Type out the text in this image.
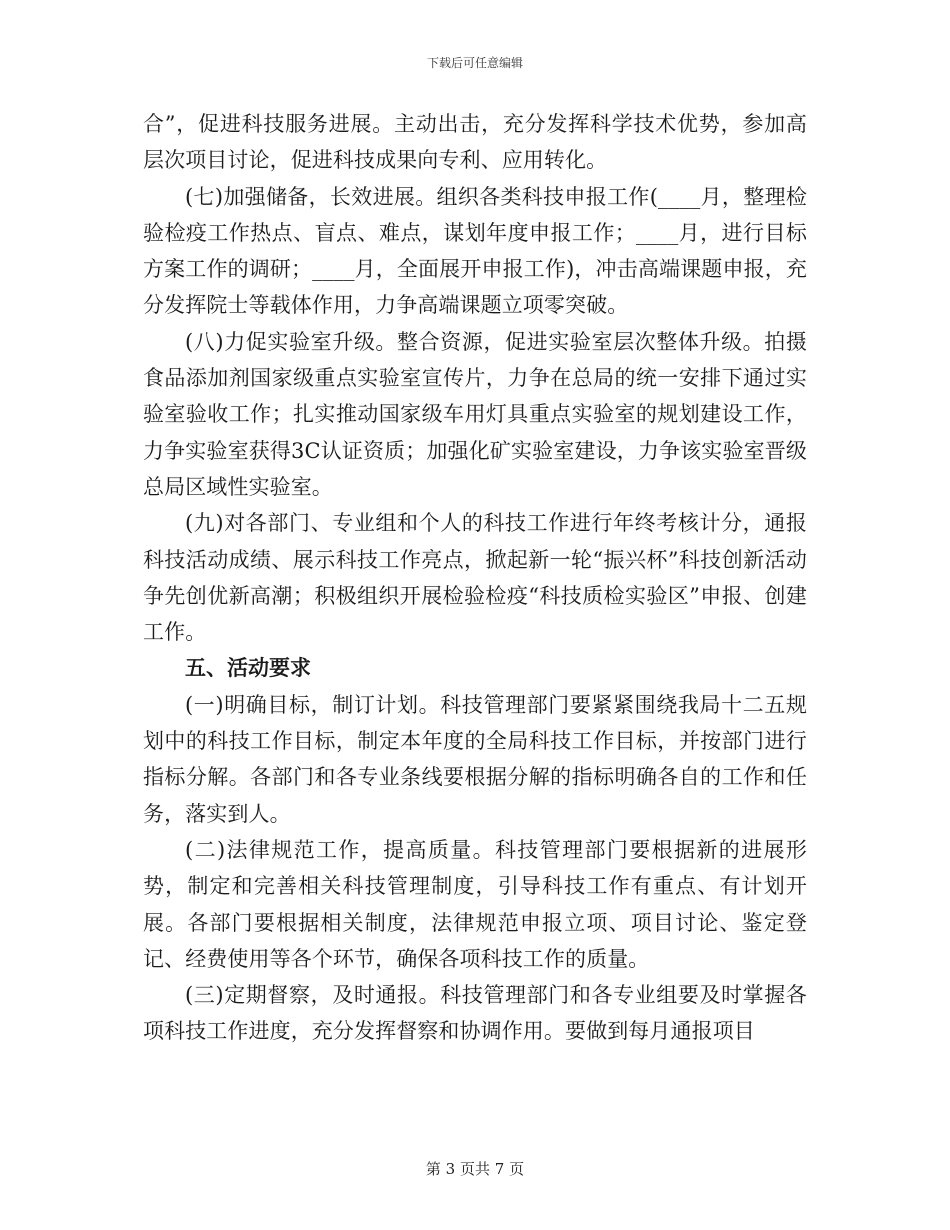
下载后可任意编辑

合”，促进科技服务进展。主动出击，充分发挥科学技术优势，参加高层次项目讨论，促进科技成果向专利、应用转化。

(七)加强储备，长效进展。组织各类科技申报工作(____月，整理检验检疫工作热点、盲点、难点，谋划年度申报工作；____月，进行目标方案工作的调研；____月，全面展开申报工作)，冲击高端课题申报，充分发挥院士等载体作用，力争高端课题立项零突破。

(八)力促实验室升级。整合资源，促进实验室层次整体升级。拍摄食品添加剂国家级重点实验室宣传片，力争在总局的统一安排下通过实验室验收工作；扎实推动国家级车用灯具重点实验室的规划建设工作，力争实验室获得3C认证资质；加强化矿实验室建设，力争该实验室晋级总局区域性实验室。

(九)对各部门、专业组和个人的科技工作进行年终考核计分，通报科技活动成绩、展示科技工作亮点，掀起新一轮“振兴杯”科技创新活动争先创优新高潮；积极组织开展检验检疫“科技质检实验区”申报、创建工作。

五、活动要求

(一)明确目标，制订计划。科技管理部门要紧紧围绕我局十二五规划中的科技工作目标，制定本年度的全局科技工作目标，并按部门进行指标分解。各部门和各专业条线要根据分解的指标明确各自的工作和任务，落实到人。

(二)法律规范工作，提高质量。科技管理部门要根据新的进展形势，制定和完善相关科技管理制度，引导科技工作有重点、有计划开展。各部门要根据相关制度，法律规范申报立项、项目讨论、鉴定登记、经费使用等各个环节，确保各项科技工作的质量。

(三)定期督察，及时通报。科技管理部门和各专业组要及时掌握各项科技工作进度，充分发挥督察和协调作用。要做到每月通报项目

第 3 页共 7 页
